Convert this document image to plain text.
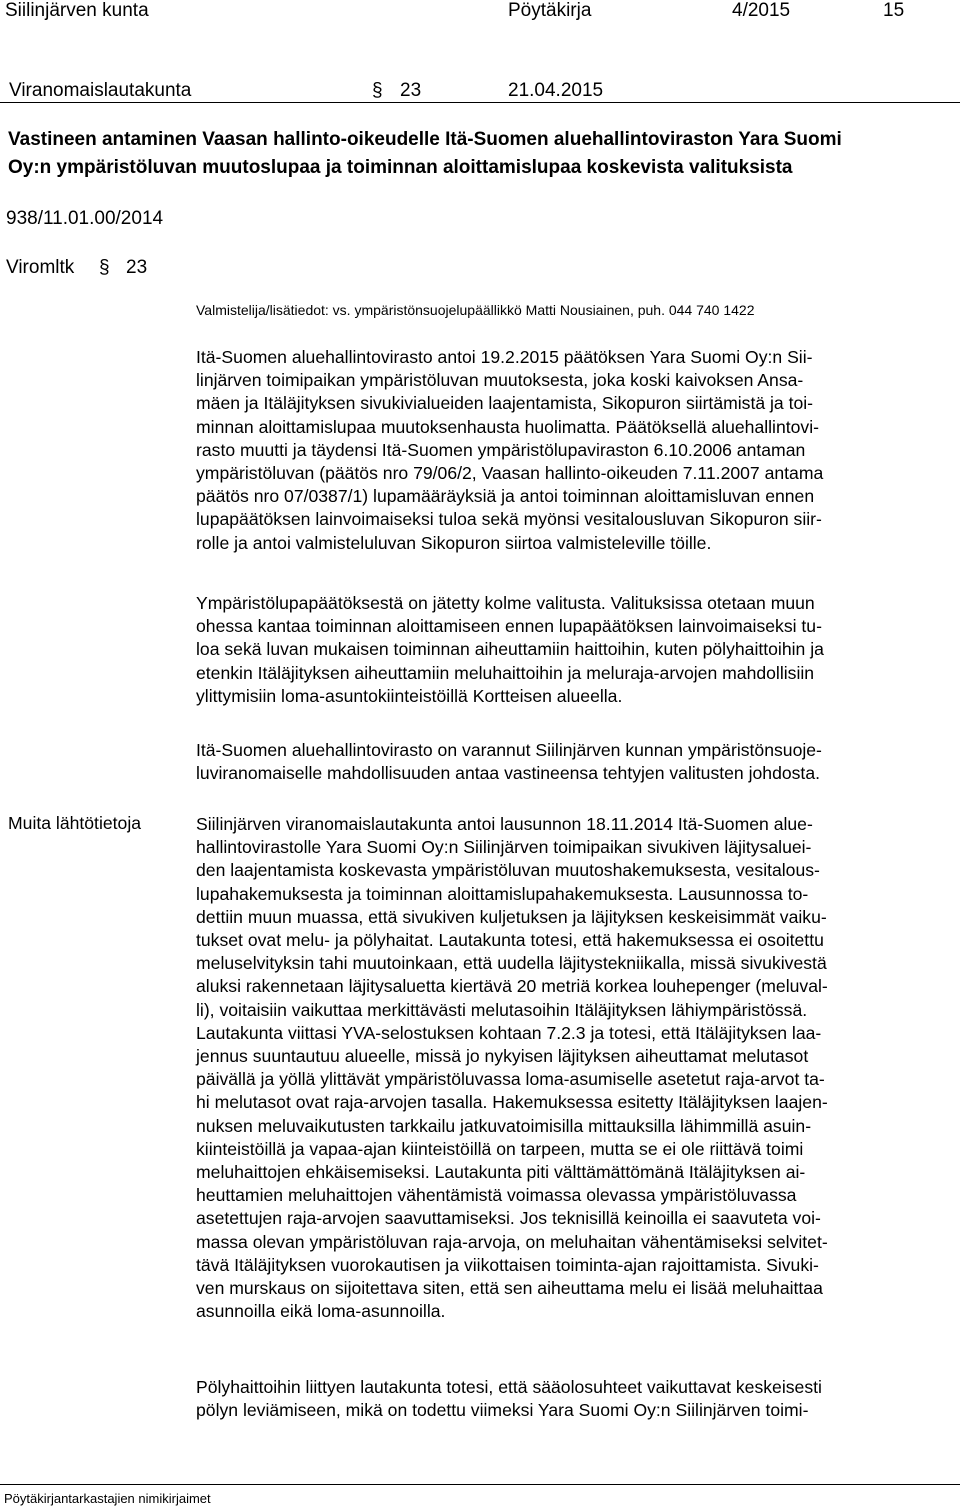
Siilinjärven kunta	Pöytäkirja	4/2015	15
Viranomaislautakunta	§ 23	21.04.2015
Vastineen antaminen Vaasan hallinto-oikeudelle Itä-Suomen aluehallintoviraston Yara Suomi
Oy:n ympäristöluvan muutoslupaa ja toiminnan aloittamislupaa koskevista valituksista
938/11.01.00/2014
Viromltk § 23
Valmistelija/lisätiedot: vs. ympäristönsuojelupäällikkö Matti Nousiainen, puh. 044 740 1422

Itä-Suomen aluehallintovirasto antoi 19.2.2015 päätöksen Yara Suomi Oy:n Sii-

linjärven toimipaikan ympäristöluvan muutoksesta, joka koski kaivoksen Ansa-

mäen ja Itäläjityksen sivukivialueiden laajentamista, Sikopuron siirtämistä ja toi-

minnan aloittamislupaa muutoksenhausta huolimatta. Päätöksellä aluehallintovi-

rasto muutti ja täydensi Itä-Suomen ympäristölupaviraston 6.10.2006 antaman

ympäristöluvan (päätös nro 79/06/2, Vaasan hallinto-oikeuden 7.11.2007 antama

päätös nro 07/0387/1) lupamääräyksiä ja antoi toiminnan aloittamisluvan ennen

lupapäätöksen lainvoimaiseksi tuloa sekä myönsi vesitalousluvan Sikopuron siir-

rolle ja antoi valmisteluluvan Sikopuron siirtoa valmisteleville töille.

Ympäristölupapäätöksestä on jätetty kolme valitusta. Valituksissa otetaan muun

ohessa kantaa toiminnan aloittamiseen ennen lupapäätöksen lainvoimaiseksi tu-

loa sekä luvan mukaisen toiminnan aiheuttamiin haittoihin, kuten pölyhaittoihin ja

etenkin Itäläjityksen aiheuttamiin meluhaittoihin ja meluraja-arvojen mahdollisiin

ylittymisiin loma-asuntokiinteistöillä Kortteisen alueella.

Itä-Suomen aluehallintovirasto on varannut Siilinjärven kunnan ympäristönsuoje-

luviranomaiselle mahdollisuuden antaa vastineensa tehtyjen valitusten johdosta.

Muita lähtötietoja	Siilinjärven viranomaislautakunta antoi lausunnon 18.11.2014 Itä-Suomen alue-

hallintovirastolle Yara Suomi Oy:n Siilinjärven toimipaikan sivukiven läjitysaluei-

den laajentamista koskevasta ympäristöluvan muutoshakemuksesta, vesitalous-

lupahakemuksesta ja toiminnan aloittamislupahakemuksesta. Lausunnossa to-

dettiin muun muassa, että sivukiven kuljetuksen ja läjityksen keskeisimmät vaiku-

tukset ovat melu- ja pölyhaitat. Lautakunta totesi, että hakemuksessa ei osoitettu

meluselvityksin tahi muutoinkaan, että uudella läjitystekniikalla, missä sivukivestä

aluksi rakennetaan läjitysaluetta kiertävä 20 metriä korkea louhepenger (meluval-

li), voitaisiin vaikuttaa merkittävästi melutasoihin Itäläjityksen lähiympäristössä.

Lautakunta viittasi YVA-selostuksen kohtaan 7.2.3 ja totesi, että Itäläjityksen laa-

jennus suuntautuu alueelle, missä jo nykyisen läjityksen aiheuttamat melutasot

päivällä ja yöllä ylittävät ympäristöluvassa loma-asumiselle asetetut raja-arvot ta-

hi melutasot ovat raja-arvojen tasalla. Hakemuksessa esitetty Itäläjityksen laajen-

nuksen meluvaikutusten tarkkailu jatkuvatoimisilla mittauksilla lähimmillä asuin-

kiinteistöillä ja vapaa-ajan kiinteistöillä on tarpeen, mutta se ei ole riittävä toimi

meluhaittojen ehkäisemiseksi. Lautakunta piti välttämättömänä Itäläjityksen ai-

heuttamien meluhaittojen vähentämistä voimassa olevassa ympäristöluvassa

asetettujen raja-arvojen saavuttamiseksi. Jos teknisillä keinoilla ei saavuteta voi-

massa olevan ympäristöluvan raja-arvoja, on meluhaitan vähentämiseksi selvitet-

tävä Itäläjityksen vuorokautisen ja viikottaisen toiminta-ajan rajoittamista. Sivuki-

ven murskaus on sijoitettava siten, että sen aiheuttama melu ei lisää meluhaittaa

asunnoilla eikä loma-asunnoilla.

Pölyhaittoihin liittyen lautakunta totesi, että sääolosuhteet vaikuttavat keskeisesti

pölyn leviämiseen, mikä on todettu viimeksi Yara Suomi Oy:n Siilinjärven toimi-

Pöytäkirjantarkastajien nimikirjaimet
